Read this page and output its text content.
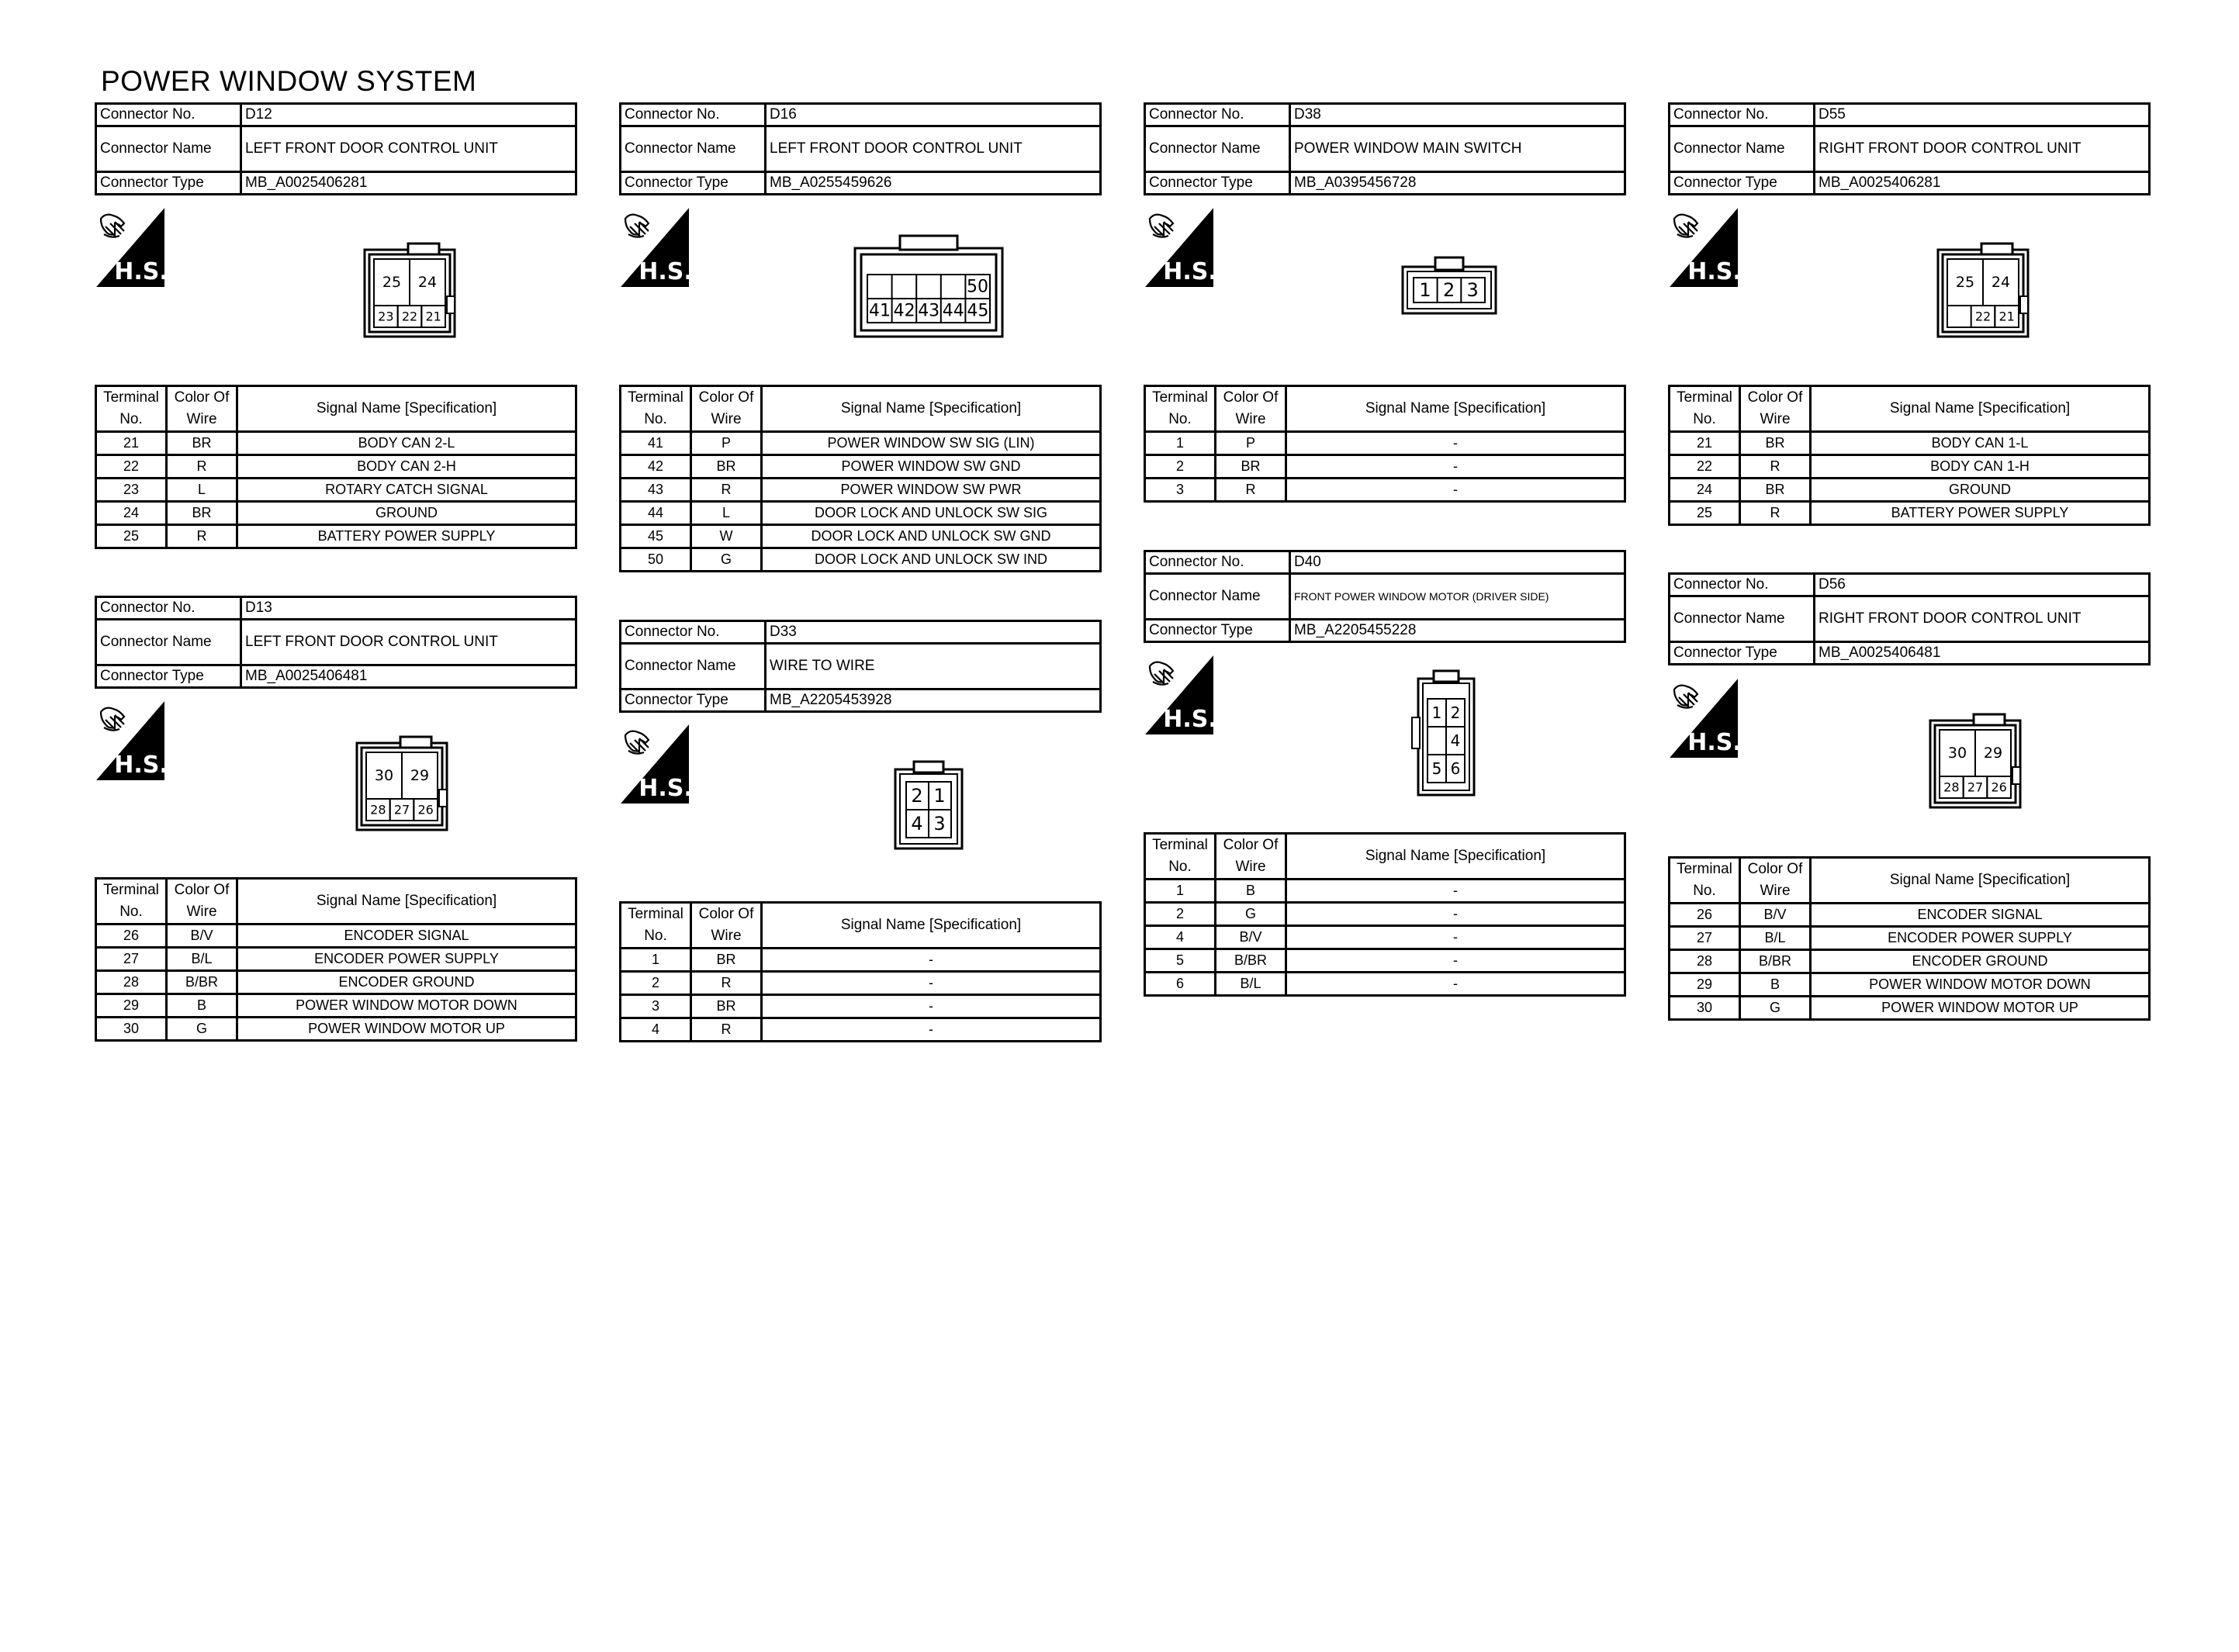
POWER WINDOW SYSTEM
Connector No.	D12
Connector Name	LEFT FRONT DOOR CONTROL UNIT
Connector Type	MB_A0025406281
H.S.	25 24
23 22 21
Terminal No.	Color Of Wire	Signal Name [Specification]
21	BR	BODY CAN 2-L
22	R	BODY CAN 2-H
23	L	ROTARY CATCH SIGNAL
24	BR	GROUND
25	R	BATTERY POWER SUPPLY
Connector No.	D13
Connector Name	LEFT FRONT DOOR CONTROL UNIT
Connector Type	MB_A0025406481
H.S.	30 29
28 27 26
Terminal No.	Color Of Wire	Signal Name [Specification]
26	B/V	ENCODER SIGNAL
27	B/L	ENCODER POWER SUPPLY
28	B/BR	ENCODER GROUND
29	B	POWER WINDOW MOTOR DOWN
30	G	POWER WINDOW MOTOR UP
Connector No.	D16
Connector Name	LEFT FRONT DOOR CONTROL UNIT
Connector Type	MB_A0255459626
H.S.
50
41 42 43 44 45
Terminal No.	Color Of Wire	Signal Name [Specification]
41	P	POWER WINDOW SW SIG (LIN)
42	BR	POWER WINDOW SW GND
43	R	POWER WINDOW SW PWR
44	L	DOOR LOCK AND UNLOCK SW SIG
45	W	DOOR LOCK AND UNLOCK SW GND
50	G	DOOR LOCK AND UNLOCK SW IND
Connector No.	D33
Connector Name	WIRE TO WIRE
Connector Type	MB_A2205453928
H.S.	2 1
4 3
Terminal No.	Color Of Wire	Signal Name [Specification]
1	BR	-
2	R	-
3	BR	-
4	R	-
Connector No.	D38
Connector Name	POWER WINDOW MAIN SWITCH
Connector Type	MB_A0395456728
H.S.
1 2 3
Terminal No.	Color Of Wire	Signal Name [Specification]
1	P	-
2	BR	-
3	R	-
Connector No.	D40
Connector Name	FRONT POWER WINDOW MOTOR (DRIVER SIDE)
Connector Type	MB_A2205455228
H.S.	1 2
4
5 6
Terminal No.	Color Of Wire	Signal Name [Specification]
1	B	-
2	G	-
4	B/V	-
5	B/BR	-
6	B/L	-
Connector No.	D55
Connector Name	RIGHT FRONT DOOR CONTROL UNIT
Connector Type	MB_A0025406281
H.S.	25 24
22 21
Terminal No.	Color Of Wire	Signal Name [Specification]
21	BR	BODY CAN 1-L
22	R	BODY CAN 1-H
24	BR	GROUND
25	R	BATTERY POWER SUPPLY
Connector No.	D56
Connector Name	RIGHT FRONT DOOR CONTROL UNIT
Connector Type	MB_A0025406481
H.S.	30 29
28 27 26
Terminal No.	Color Of Wire	Signal Name [Specification]
26	B/V	ENCODER SIGNAL
27	B/L	ENCODER POWER SUPPLY
28	B/BR	ENCODER GROUND
29	B	POWER WINDOW MOTOR DOWN
30	G	POWER WINDOW MOTOR UP
